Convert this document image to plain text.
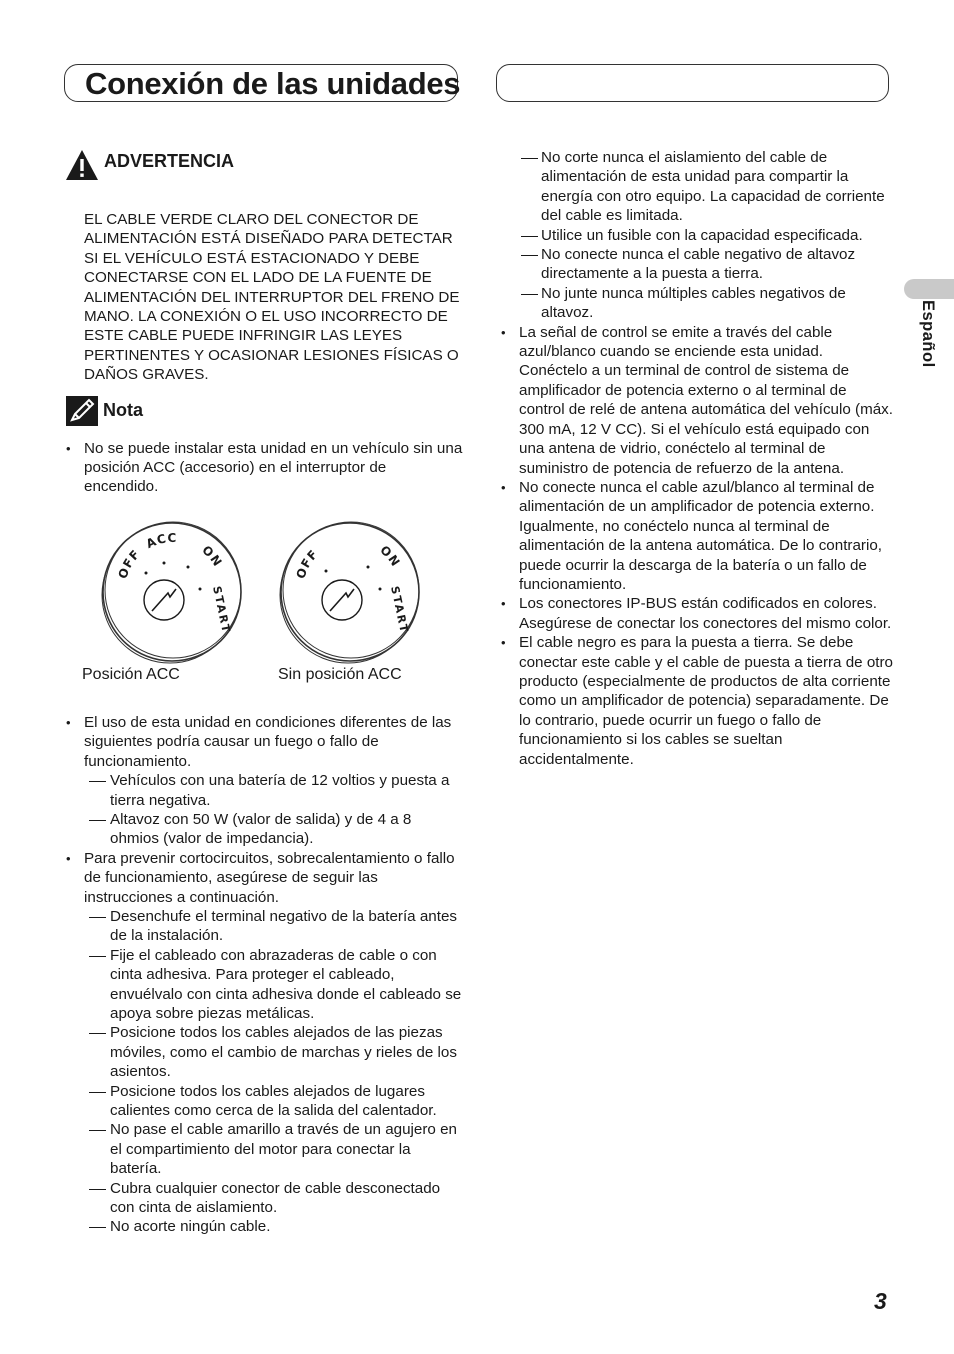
Conexión de las unidades
ADVERTENCIA
EL CABLE VERDE CLARO DEL CONECTOR DE ALIMENTACIÓN ESTÁ DISEÑADO PARA DETECTAR SI EL VEHÍCULO ESTÁ ESTACIONADO Y DEBE CONECTARSE CON EL LADO DE LA FUENTE DE ALIMENTACIÓN DEL INTERRUPTOR DEL FRENO DE MANO. LA CONEXIÓN O EL USO INCORRECTO DE ESTE CABLE PUEDE INFRINGIR LAS LEYES PERTINENTES Y OCASIONAR LESIONES FÍSICAS O DAÑOS GRAVES.
Nota
• No se puede instalar esta unidad en un vehículo sin una posición ACC (accesorio) en el interruptor de encendido.
OFF
ACC
ON
START
Posición ACC
OFF	ON
START
Sin posición ACC
• El uso de esta unidad en condiciones diferentes de las siguientes podría causar un fuego o fallo de funcionamiento.
Vehículos con una batería de 12 voltios y puesta a tierra negativa.
Altavoz con 50 W (valor de salida) y de 4 a 8 ohmios (valor de impedancia).
• Para prevenir cortocircuitos, sobrecalentamiento o fallo de funcionamiento, asegúrese de seguir las instrucciones a continuación.
Desenchufe el terminal negativo de la batería antes de la instalación.
Fije el cableado con abrazaderas de cable o con cinta adhesiva. Para proteger el cableado, envuélvalo con cinta adhesiva donde el cableado se apoya sobre piezas metálicas.
Posicione todos los cables alejados de las piezas móviles, como el cambio de marchas y rieles de los asientos.
Posicione todos los cables alejados de lugares calientes como cerca de la salida del calentador.
No pase el cable amarillo a través de un agujero en el compartimiento del motor para conectar la batería.
Cubra cualquier conector de cable desconectado con cinta de aislamiento.
No acorte ningún cable.
No corte nunca el aislamiento del cable de alimentación de esta unidad para compartir la energía con otro equipo. La capacidad de corriente del cable es limitada.
Utilice un fusible con la capacidad especificada.
No conecte nunca el cable negativo de altavoz directamente a la puesta a tierra.
No junte nunca múltiples cables negativos de altavoz.
• La señal de control se emite a través del cable azul/blanco cuando se enciende esta unidad. Conéctelo a un terminal de control de sistema de amplificador de potencia externo o al terminal de control de relé de antena automática del vehículo (máx. 300 mA, 12 V CC). Si el vehículo está equipado con una antena de vidrio, conéctelo al terminal de suministro de potencia de refuerzo de la antena.
• No conecte nunca el cable azul/blanco al terminal de alimentación de un amplificador de potencia externo. Igualmente, no conéctelo nunca al terminal de alimentación de la antena automática. De lo contrario, puede ocurrir la descarga de la batería o un fallo de funcionamiento.
• Los conectores IP-BUS están codificados en colores. Asegúrese de conectar los conectores del mismo color.
• El cable negro es para la puesta a tierra. Se debe conectar este cable y el cable de puesta a tierra de otro producto (especialmente de productos de alta corriente como un amplificador de potencia) separadamente. De lo contrario, puede ocurrir un fuego o fallo de funcionamiento si los cables se sueltan accidentalmente.
Español
3
